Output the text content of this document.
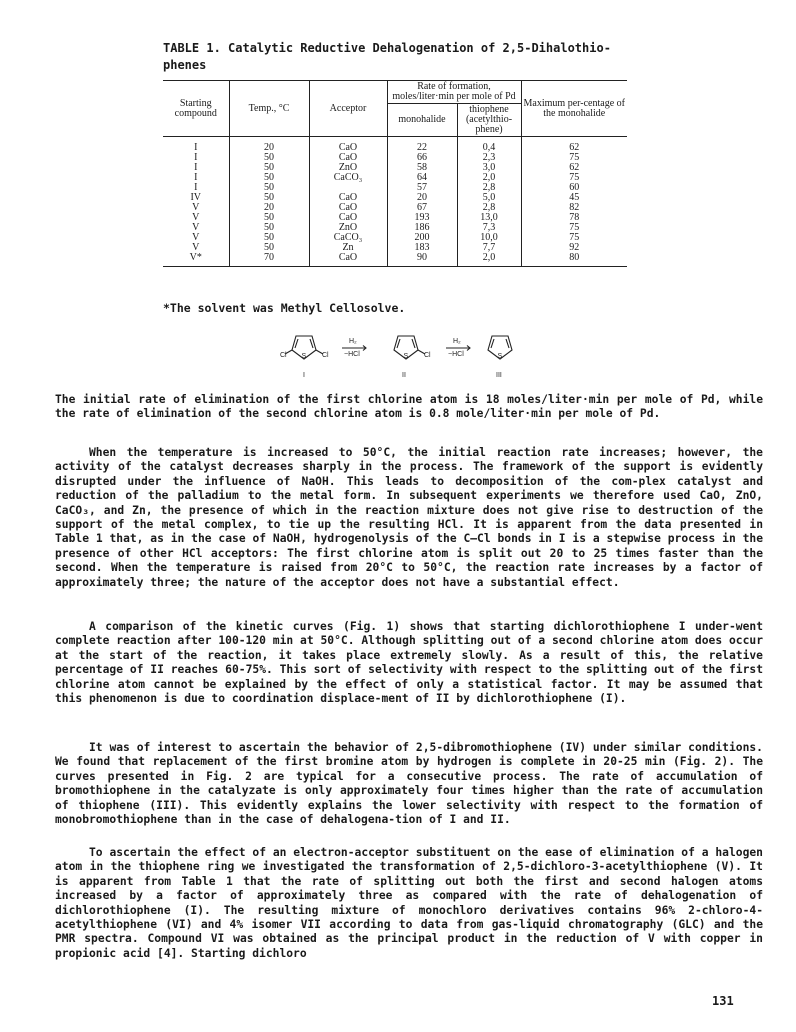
TABLE 1. Catalytic Reductive Dehalogenation of 2,5-Dihalothio-phenes
Starting compound	Temp., °C	Acceptor	Rate of formation, moles/liter·min per mole of Pd		Maximum per-centage of the monohalide
			monohalide	thiophene (acetylthio-phene)	
I	20	CaO	22	0,4	62
I	50	CaO	66	2,3	75
I	50	ZnO	58	3,0	62
I	50	CaCO₃	64	2,0	75
I	50		57	2,8	60
IV	50	CaO	20	5,0	45
V	20	CaO	67	2,8	82
V	50	CaO	193	13,0	78
V	50	ZnO	186	7,3	75
V	50	CaCO₃	200	10,0	75
V	50	Zn	183	7,7	92
V*	70	CaO	90	2,0	80
*The solvent was Methyl Cellosolve.
Cl S Cl
H₂
−HCl	S Cl
H₂
−HCl	S
I	II	III

The initial rate of elimination of the first chlorine atom is 18 moles/liter·min per mole of Pd, while the rate of elimination of the second chlorine atom is 0.8 mole/liter·min per mole of Pd.

When the temperature is increased to 50°C, the initial reaction rate increases; however, the activity of the catalyst decreases sharply in the process. The framework of the support is evidently disrupted under the influence of NaOH. This leads to decomposition of the com-plex catalyst and reduction of the palladium to the metal form. In subsequent experiments we therefore used CaO, ZnO, CaCO₃, and Zn, the presence of which in the reaction mixture does not give rise to destruction of the support of the metal complex, to tie up the resulting HCl. It is apparent from the data presented in Table 1 that, as in the case of NaOH, hydrogenolysis of the C—Cl bonds in I is a stepwise process in the presence of other HCl acceptors: The first chlorine atom is split out 20 to 25 times faster than the second. When the temperature is raised from 20°C to 50°C, the reaction rate increases by a factor of approximately three; the nature of the acceptor does not have a substantial effect.

A comparison of the kinetic curves (Fig. 1) shows that starting dichlorothiophene I under-went complete reaction after 100-120 min at 50°C. Although splitting out of a second chlorine atom does occur at the start of the reaction, it takes place extremely slowly. As a result of this, the relative percentage of II reaches 60-75%. This sort of selectivity with respect to the splitting out of the first chlorine atom cannot be explained by the effect of only a statistical factor. It may be assumed that this phenomenon is due to coordination displace-ment of II by dichlorothiophene (I).

It was of interest to ascertain the behavior of 2,5-dibromothiophene (IV) under similar conditions. We found that replacement of the first bromine atom by hydrogen is complete in 20-25 min (Fig. 2). The curves presented in Fig. 2 are typical for a consecutive process. The rate of accumulation of bromothiophene in the catalyzate is only approximately four times higher than the rate of accumulation of thiophene (III). This evidently explains the lower selectivity with respect to the formation of monobromothiophene than in the case of dehalogena-tion of I and II.

To ascertain the effect of an electron-acceptor substituent on the ease of elimination of a halogen atom in the thiophene ring we investigated the transformation of 2,5-dichloro-3-acetylthiophene (V). It is apparent from Table 1 that the rate of splitting out both the first and second halogen atoms increased by a factor of approximately three as compared with the rate of dehalogenation of dichlorothiophene (I). The resulting mixture of monochloro derivatives contains 96% 2-chloro-4-acetylthiophene (VI) and 4% isomer VII according to data from gas-liquid chromatography (GLC) and the PMR spectra. Compound VI was obtained as the principal product in the reduction of V with copper in propionic acid [4]. Starting dichloro

131
